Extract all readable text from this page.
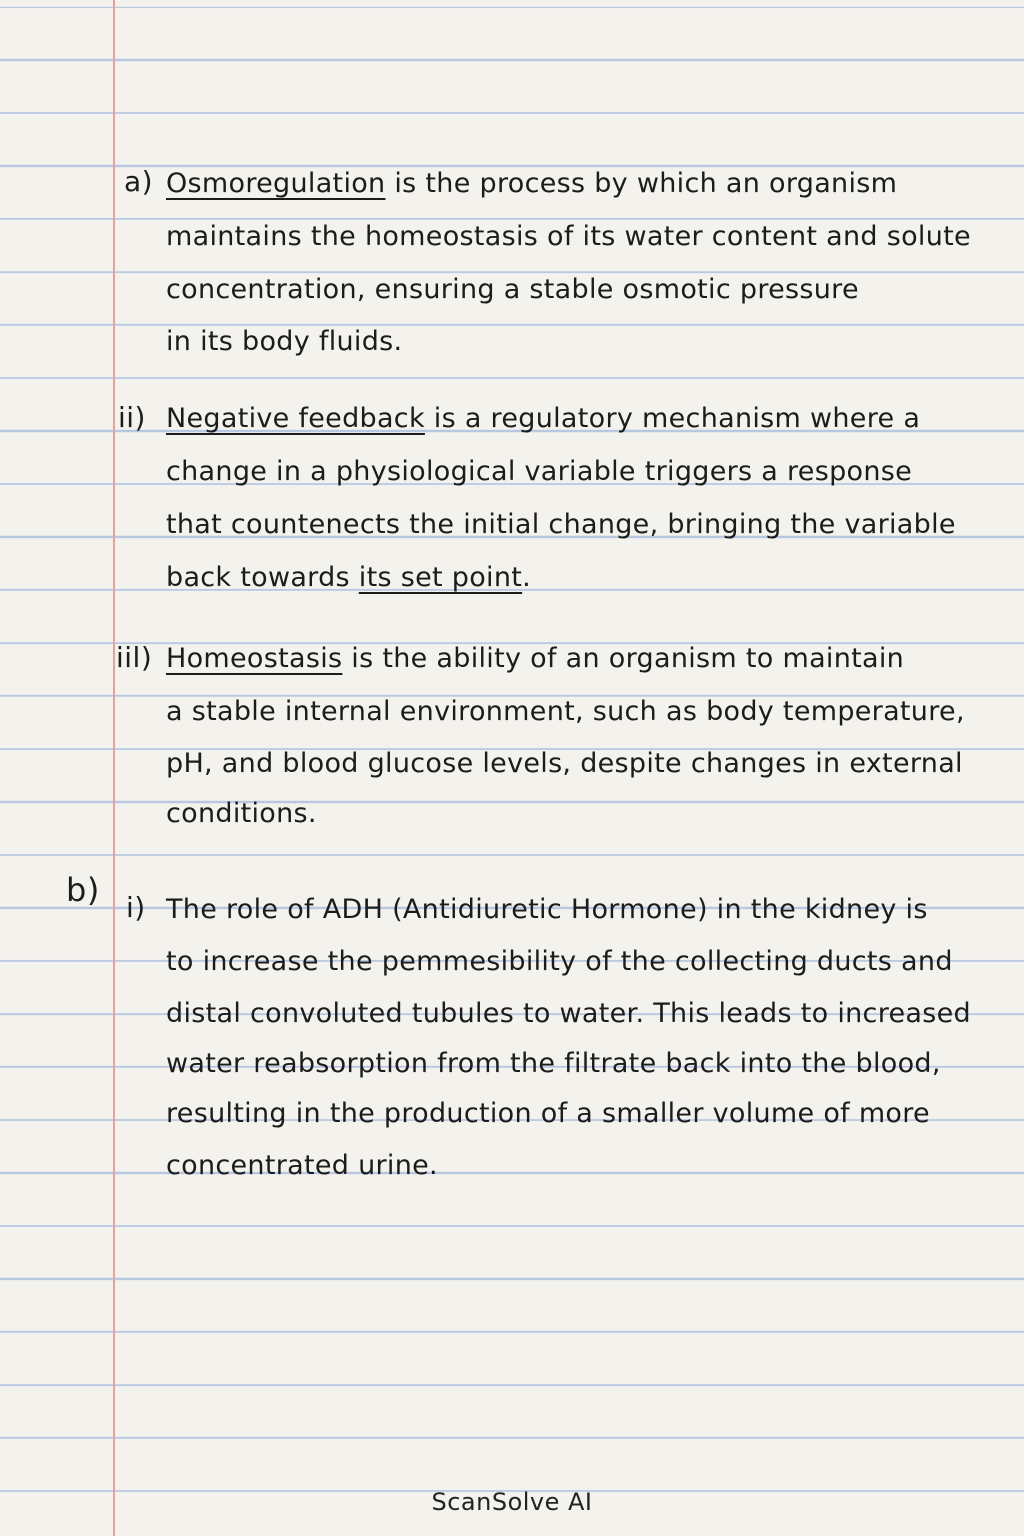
a) Osmoregulation is the process by which an organism
maintains the homeostasis of its water content and solute
concentration, ensuring a stable osmotic pressure
in its body fluids.
ii) Negative feedback is a regulatory mechanism where a
change in a physiological variable triggers a response
that countenects the initial change, bringing the variable
back towards its set point.
iil) Homeostasis is the ability of an organism to maintain
a stable internal environment, such as body temperature,
pH, and blood glucose levels, despite changes in external
conditions.
b) i) The role of ADH (Antidiuretic Hormone) in the kidney is
to increase the pemmesibility of the collecting ducts and
distal convoluted tubules to water. This leads to increased
water reabsorption from the filtrate back into the blood,
resulting in the production of a smaller volume of more
concentrated urine.
ScanSolve AI
